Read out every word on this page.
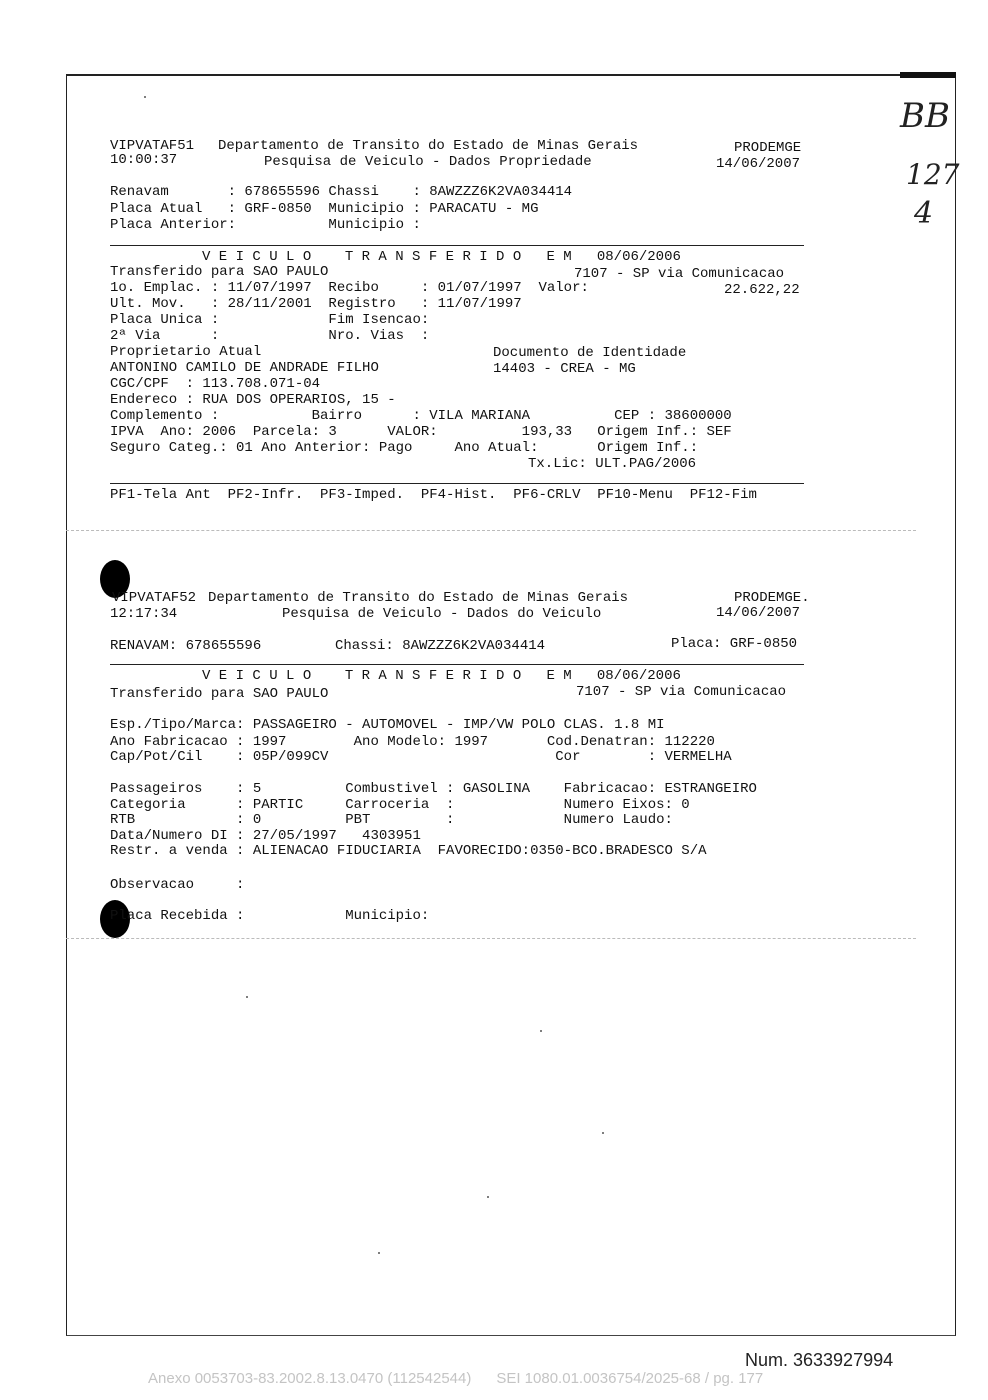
BB
127
4
VIPVATAF51 Departamento de Transito do Estado de Minas Gerais	PRODEMGE
10:00:37	Pesquisa de Veiculo - Dados Propriedade	14/06/2007
Renavam       : 678655596 Chassi    : 8AWZZZ6K2VA034414
Placa Atual   : GRF-0850  Municipio : PARACATU - MG
Placa Anterior:           Municipio :
V E I C U L O    T R A N S F E R I D O   E M   08/06/2006
Transferido para SAO PAULO	7107 - SP via Comunicacao
1o. Emplac. : 11/07/1997  Recibo     : 01/07/1997  Valor:	22.622,22
Ult. Mov.   : 28/11/2001  Registro   : 11/07/1997
Placa Unica :             Fim Isencao:
2ª Via      :             Nro. Vias  :
Proprietario Atual	Documento de Identidade
ANTONINO CAMILO DE ANDRADE FILHO	14403 - CREA - MG
CGC/CPF  : 113.708.071-04
Endereco : RUA DOS OPERARIOS, 15 -
Complemento :           Bairro      : VILA MARIANA          CEP : 38600000
IPVA  Ano: 2006  Parcela: 3      VALOR:          193,33   Origem Inf.: SEF
Seguro Categ.: 01 Ano Anterior: Pago     Ano Atual:       Origem Inf.:
Tx.Lic: ULT.PAG/2006
PF1-Tela Ant  PF2-Infr.  PF3-Imped.  PF4-Hist.  PF6-CRLV  PF10-Menu  PF12-Fim
VIPVATAF52 Departamento de Transito do Estado de Minas Gerais	PRODEMGE.
12:17:34	Pesquisa de Veiculo - Dados do Veiculo	14/06/2007
RENAVAM: 678655596	Chassi: 8AWZZZ6K2VA034414	Placa: GRF-0850
V E I C U L O    T R A N S F E R I D O   E M   08/06/2006
Transferido para SAO PAULO	7107 - SP via Comunicacao
Esp./Tipo/Marca: PASSAGEIRO - AUTOMOVEL - IMP/VW POLO CLAS. 1.8 MI
Ano Fabricacao : 1997        Ano Modelo: 1997       Cod.Denatran: 112220
Cap/Pot/Cil    : 05P/099CV                           Cor        : VERMELHA
Passageiros    : 5          Combustivel : GASOLINA    Fabricacao: ESTRANGEIRO
Categoria      : PARTIC     Carroceria  :             Numero Eixos: 0
RTB            : 0          PBT         :             Numero Laudo:
Data/Numero DI : 27/05/1997   4303951
Restr. a venda : ALIENACAO FIDUCIARIA  FAVORECIDO:0350-BCO.BRADESCO S/A
Observacao     :
Placa Recebida :            Municipio:
Num. 3633927994
Anexo 0053703-83.2002.8.13.0470 (112542544)      SEI 1080.01.0036754/2025-68 / pg. 177
